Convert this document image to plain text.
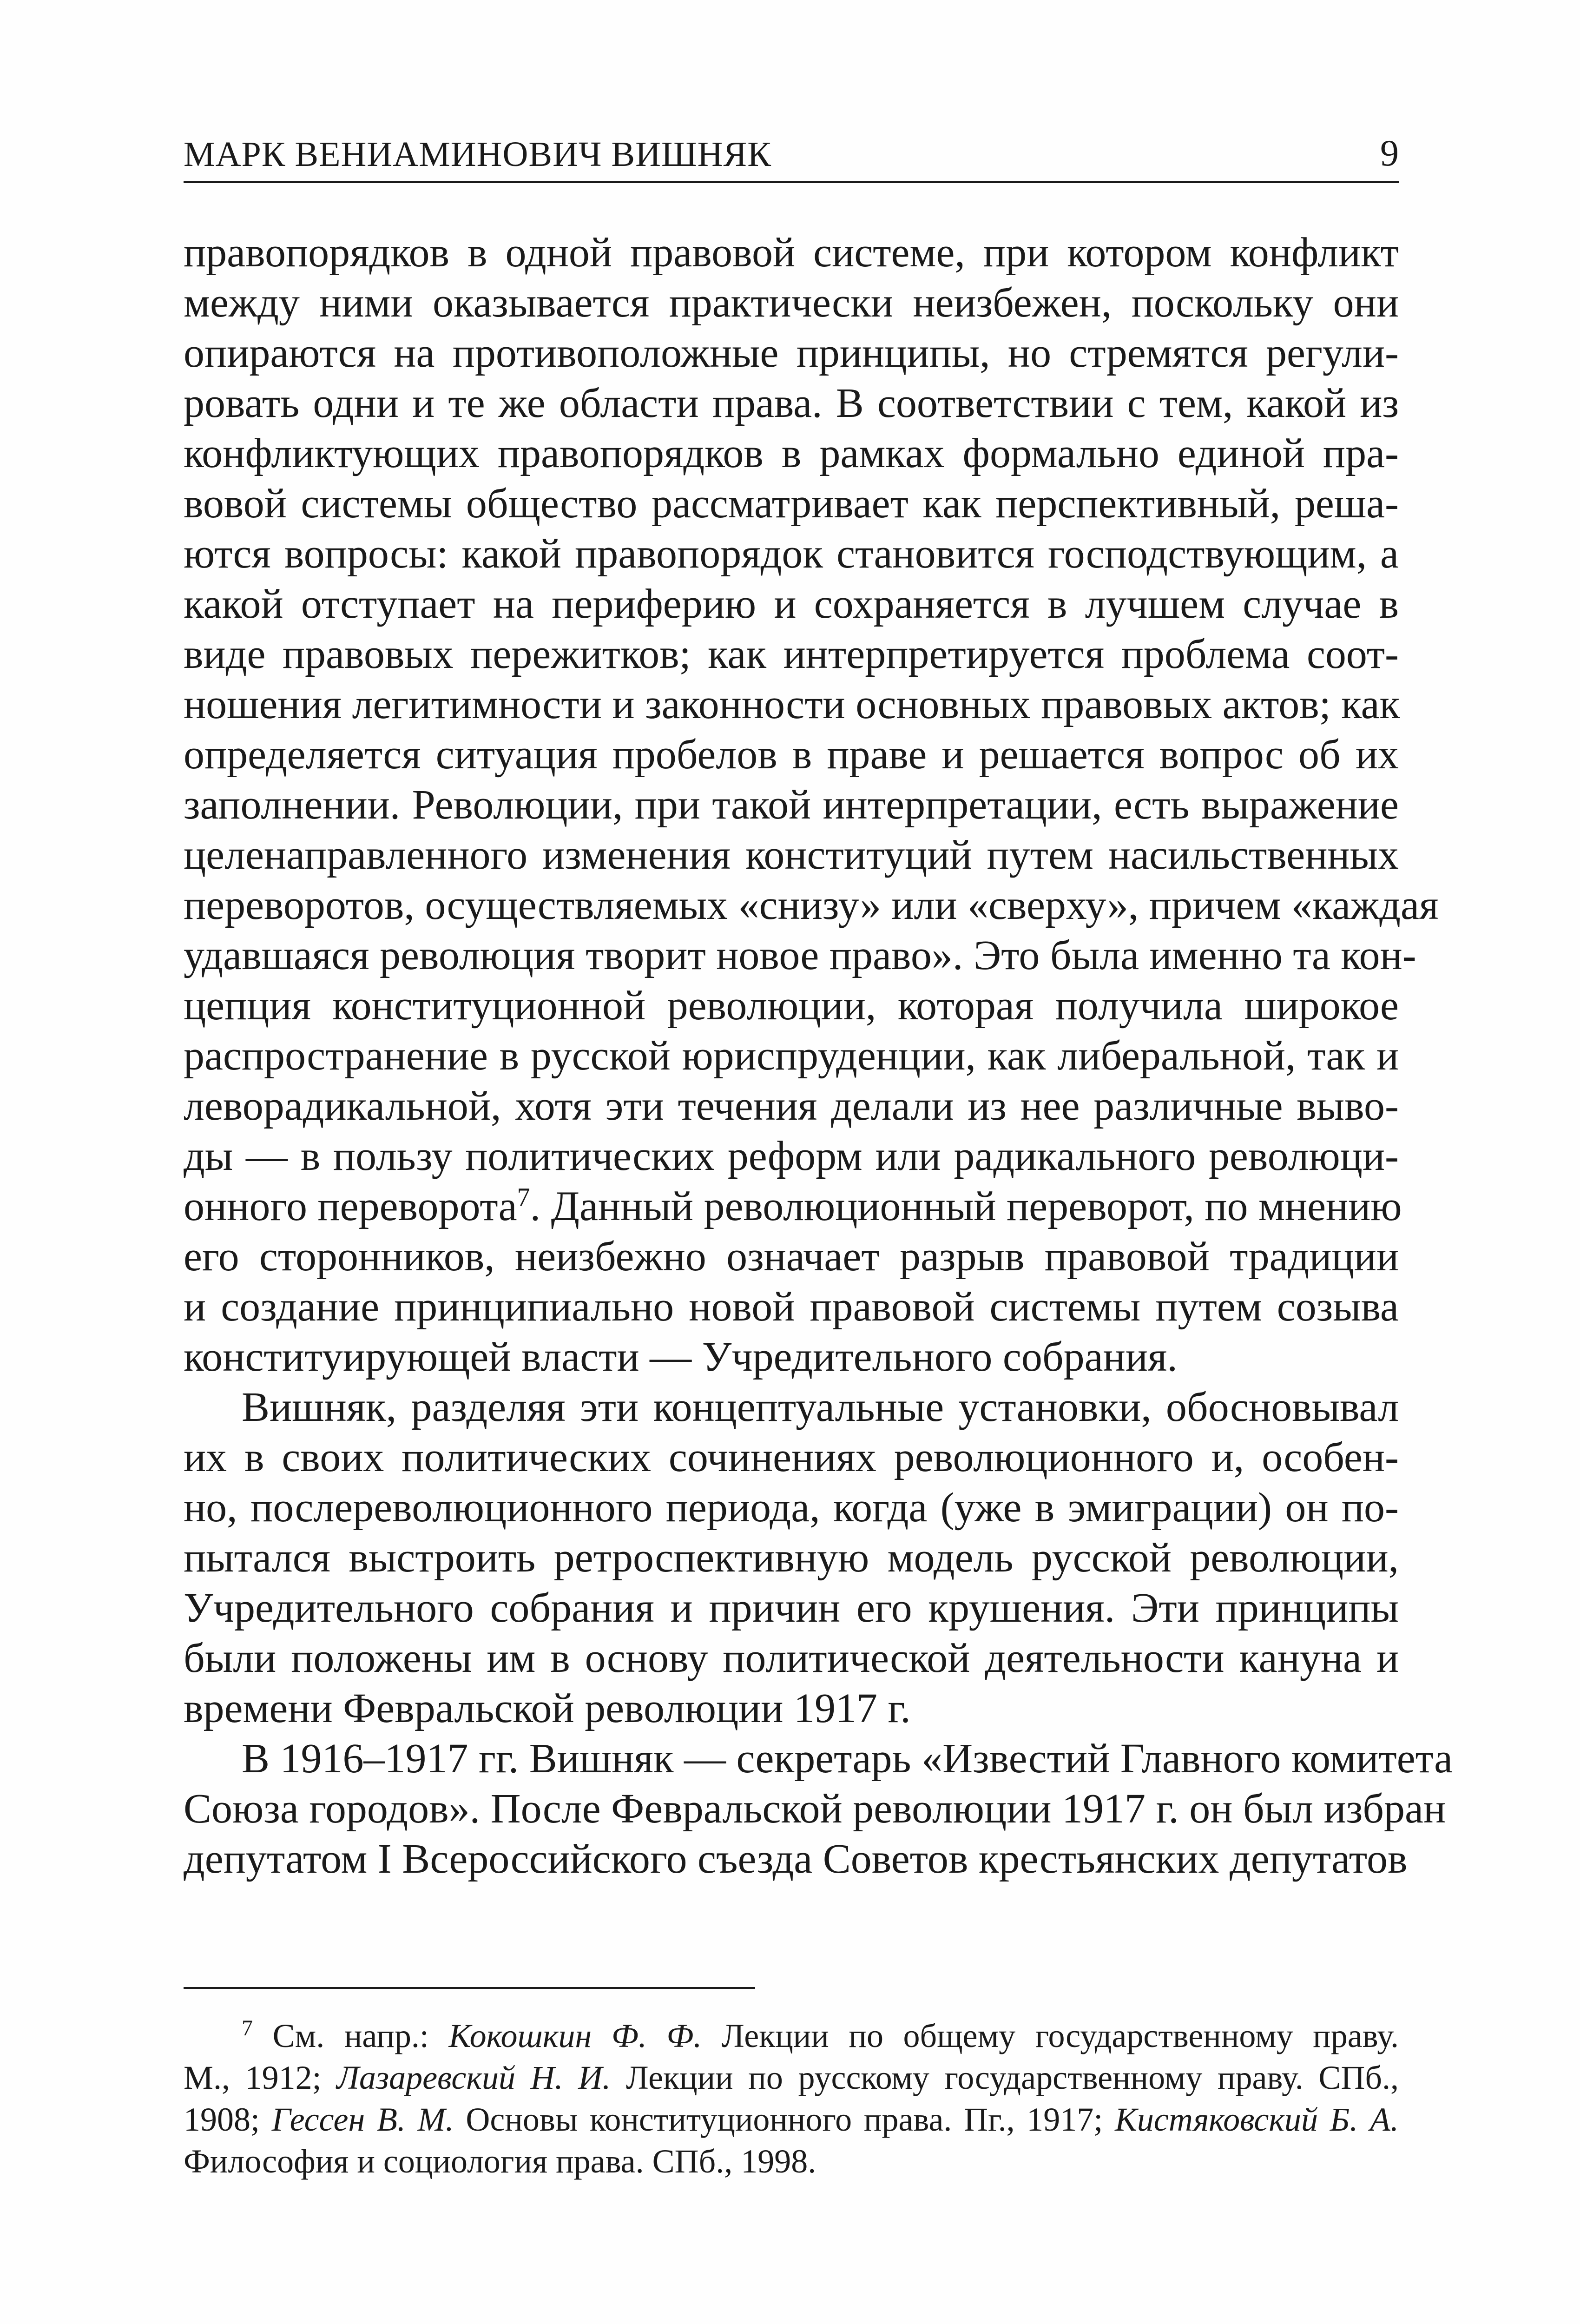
МАРК ВЕНИАМИНОВИЧ ВИШНЯК	9
правопорядков в одной правовой системе, при котором конфликт
между ними оказывается практически неизбежен, поскольку они
опираются на противоположные принципы, но стремятся регули-
ровать одни и те же области права. В соответствии с тем, какой из
конфликтующих правопорядков в рамках формально единой пра-
вовой системы общество рассматривает как перспективный, реша-
ются вопросы: какой правопорядок становится господствующим, а
какой отступает на периферию и сохраняется в лучшем случае в
виде правовых пережитков; как интерпретируется проблема соот-
ношения легитимности и законности основных правовых актов; как
определяется ситуация пробелов в праве и решается вопрос об их
заполнении. Революции, при такой интерпретации, есть выражение
целенаправленного изменения конституций путем насильственных
переворотов, осуществляемых «снизу» или «сверху», причем «каждая
удавшаяся революция творит новое право». Это была именно та кон-
цепция конституционной революции, которая получила широкое
распространение в русской юриспруденции, как либеральной, так и
леворадикальной, хотя эти течения делали из нее различные выво-
ды — в пользу политических реформ или радикального революци-
онного переворота$^7$. Данный революционный переворот, по мнению
его сторонников, неизбежно означает разрыв правовой традиции
и создание принципиально новой правовой системы путем созыва
конституирующей власти — Учредительного собрания.
Вишняк, разделяя эти концептуальные установки, обосновывал
их в своих политических сочинениях революционного и, особен-
но, послереволюционного периода, когда (уже в эмиграции) он по-
пытался выстроить ретроспективную модель русской революции,
Учредительного собрания и причин его крушения. Эти принципы
были положены им в основу политической деятельности кануна и
времени Февральской революции 1917 г.
В 1916–1917 гг. Вишняк — секретарь «Известий Главного комитета
Союза городов». После Февральской революции 1917 г. он был избран
депутатом I Всероссийского съезда Советов крестьянских депутатов
$^7$ См. напр.: Кокошкин Ф. Ф. Лекции по общему государственному праву.
М., 1912; Лазаревский Н. И. Лекции по русскому государственному праву. СПб.,
1908; Гессен В. М. Основы конституционного права. Пг., 1917; Кистяковский Б. А.
Философия и социология права. СПб., 1998.
